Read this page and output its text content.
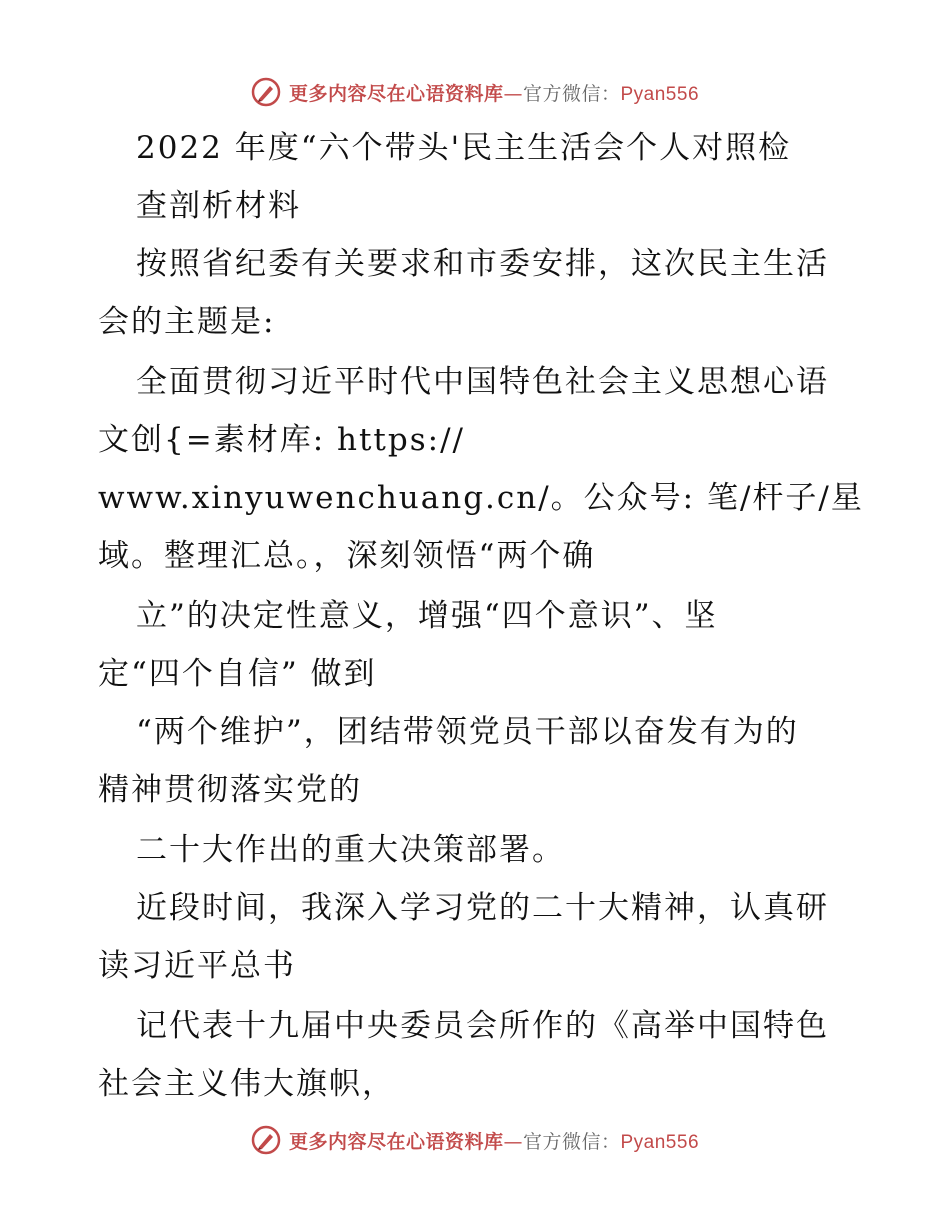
更多内容尽在心语资料库—官方微信：Pyan556
2022 年度“六个带头'民主生活会个人对照检
查剖析材料
按照省纪委有关要求和市委安排，这次民主生活
会的主题是:
全面贯彻习近平时代中国特色社会主义思想心语
文创{=素材库: https://
www.xinyuwenchuang.cn/。公众号: 笔/杆子/星
域。整理汇总。，深刻领悟“两个确
立”的决定性意义，增强“四个意识”、坚
定“四个自信” 做到
“两个维护”，团结带领党员干部以奋发有为的
精神贯彻落实党的
二十大作出的重大决策部署。
近段时间，我深入学习党的二十大精神，认真研
读习近平总书
记代表十九届中央委员会所作的《高举中国特色
社会主义伟大旗帜，
更多内容尽在心语资料库—官方微信：Pyan556
